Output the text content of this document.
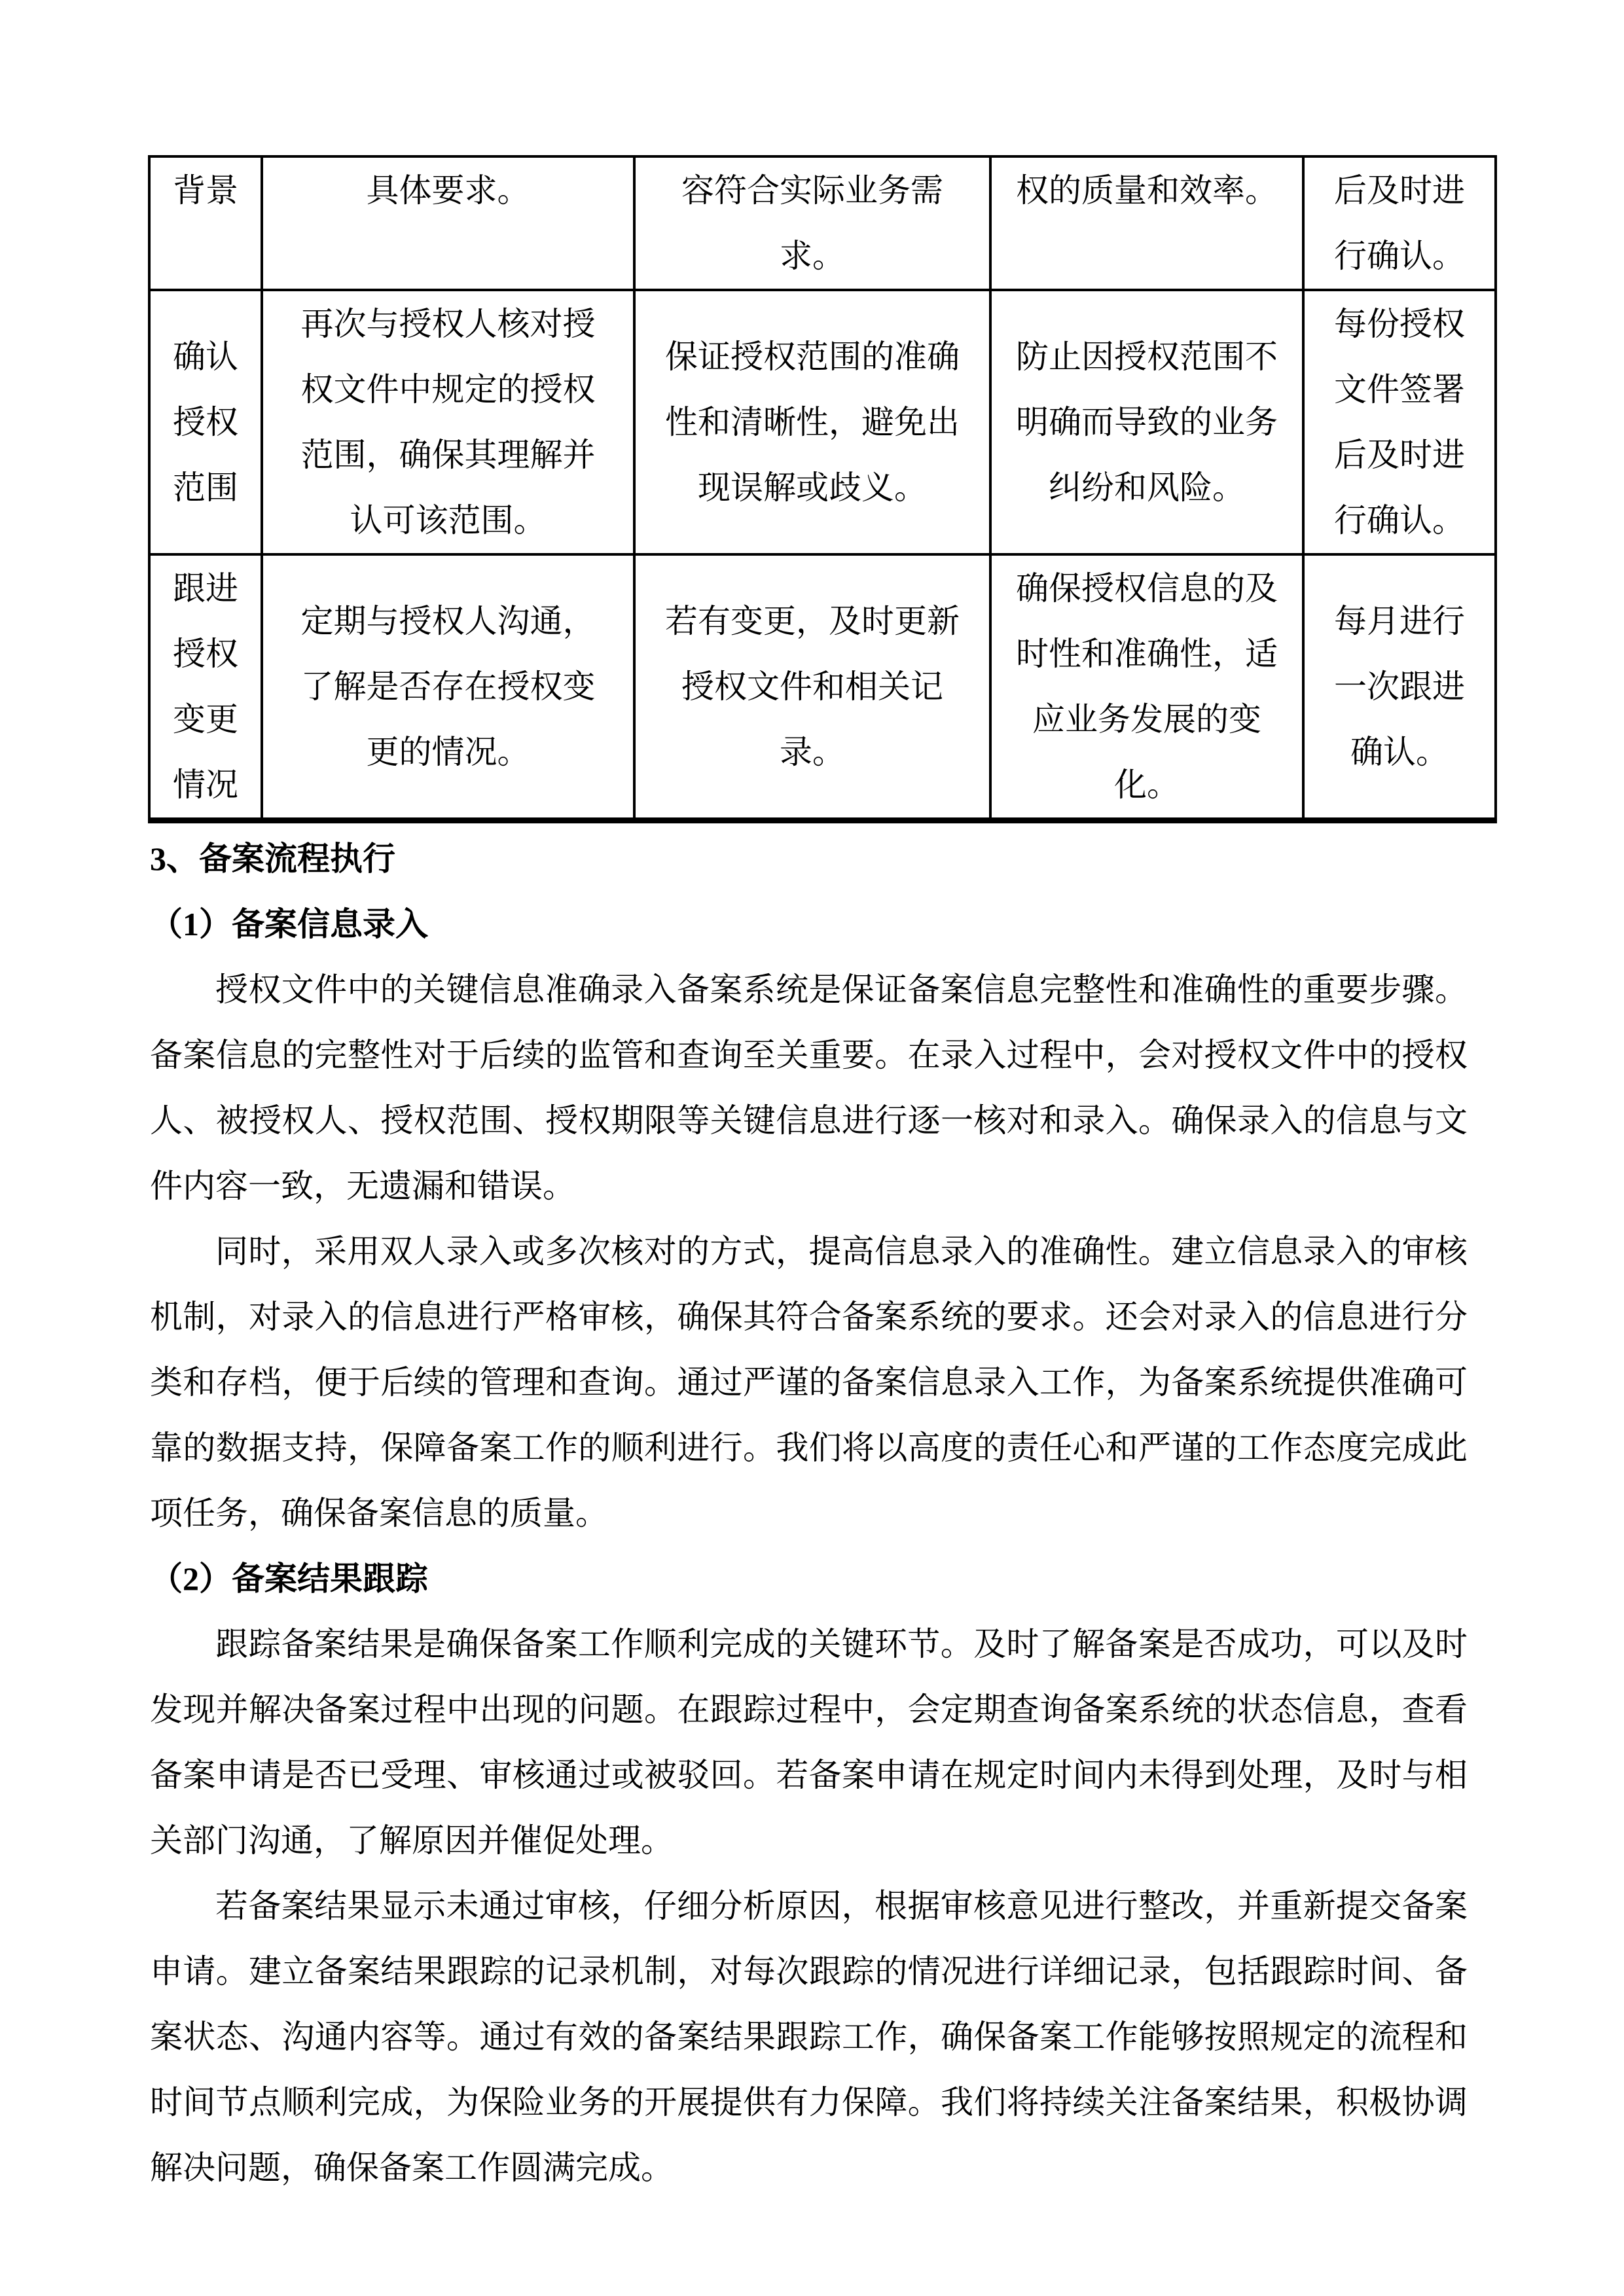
背景	具体要求。	容符合实际业务需求。	权的质量和效率。	后及时进行确认。
确认授权范围	再次与授权人核对授权文件中规定的授权范围，确保其理解并认可该范围。	保证授权范围的准确性和清晰性，避免出现误解或歧义。	防止因授权范围不明确而导致的业务纠纷和风险。	每份授权文件签署后及时进行确认。
跟进授权变更情况	定期与授权人沟通，了解是否存在授权变更的情况。	若有变更，及时更新授权文件和相关记录。	确保授权信息的及时性和准确性，适应业务发展的变化。	每月进行一次跟进确认。
3、备案流程执行
（1）备案信息录入

授权文件中的关键信息准确录入备案系统是保证备案信息完整性和准确性的重要步骤。备案信息的完整性对于后续的监管和查询至关重要。在录入过程中，会对授权文件中的授权人、被授权人、授权范围、授权期限等关键信息进行逐一核对和录入。确保录入的信息与文件内容一致，无遗漏和错误。

同时，采用双人录入或多次核对的方式，提高信息录入的准确性。建立信息录入的审核机制，对录入的信息进行严格审核，确保其符合备案系统的要求。还会对录入的信息进行分类和存档，便于后续的管理和查询。通过严谨的备案信息录入工作，为备案系统提供准确可靠的数据支持，保障备案工作的顺利进行。我们将以高度的责任心和严谨的工作态度完成此项任务，确保备案信息的质量。

（2）备案结果跟踪

跟踪备案结果是确保备案工作顺利完成的关键环节。及时了解备案是否成功，可以及时发现并解决备案过程中出现的问题。在跟踪过程中，会定期查询备案系统的状态信息，查看备案申请是否已受理、审核通过或被驳回。若备案申请在规定时间内未得到处理，及时与相关部门沟通，了解原因并催促处理。

若备案结果显示未通过审核，仔细分析原因，根据审核意见进行整改，并重新提交备案申请。建立备案结果跟踪的记录机制，对每次跟踪的情况进行详细记录，包括跟踪时间、备案状态、沟通内容等。通过有效的备案结果跟踪工作，确保备案工作能够按照规定的流程和时间节点顺利完成，为保险业务的开展提供有力保障。我们将持续关注备案结果，积极协调解决问题，确保备案工作圆满完成。
